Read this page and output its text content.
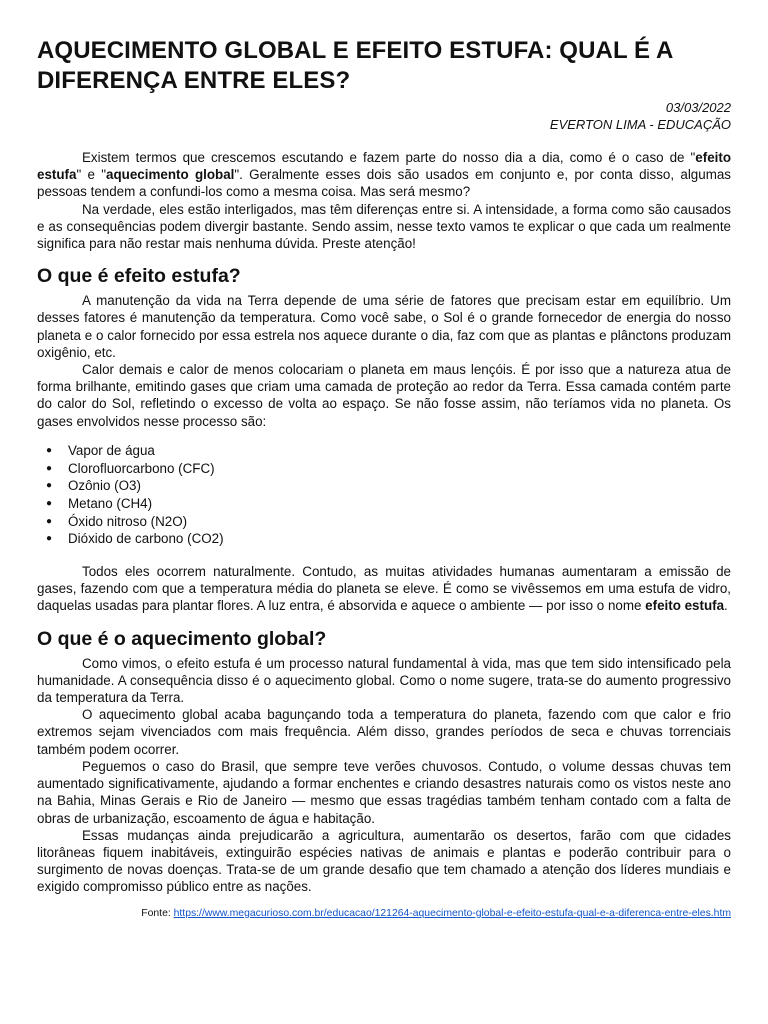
AQUECIMENTO GLOBAL E EFEITO ESTUFA: QUAL É A DIFERENÇA ENTRE ELES?
03/03/2022
EVERTON LIMA - EDUCAÇÃO

Existem termos que crescemos escutando e fazem parte do nosso dia a dia, como é o caso de "efeito estufa" e "aquecimento global". Geralmente esses dois são usados em conjunto e, por conta disso, algumas pessoas tendem a confundi-los como a mesma coisa. Mas será mesmo?

Na verdade, eles estão interligados, mas têm diferenças entre si. A intensidade, a forma como são causados e as consequências podem divergir bastante. Sendo assim, nesse texto vamos te explicar o que cada um realmente significa para não restar mais nenhuma dúvida. Preste atenção!

O que é efeito estufa?

A manutenção da vida na Terra depende de uma série de fatores que precisam estar em equilíbrio. Um desses fatores é manutenção da temperatura. Como você sabe, o Sol é o grande fornecedor de energia do nosso planeta e o calor fornecido por essa estrela nos aquece durante o dia, faz com que as plantas e plânctons produzam oxigênio, etc.

Calor demais e calor de menos colocariam o planeta em maus lençóis. É por isso que a natureza atua de forma brilhante, emitindo gases que criam uma camada de proteção ao redor da Terra. Essa camada contém parte do calor do Sol, refletindo o excesso de volta ao espaço. Se não fosse assim, não teríamos vida no planeta. Os gases envolvidos nesse processo são:

● Vapor de água
● Clorofluorcarbono (CFC)
● Ozônio (O3)
● Metano (CH4)
● Óxido nitroso (N2O)
● Dióxido de carbono (CO2)

Todos eles ocorrem naturalmente. Contudo, as muitas atividades humanas aumentaram a emissão de gases, fazendo com que a temperatura média do planeta se eleve. É como se vivêssemos em uma estufa de vidro, daquelas usadas para plantar flores. A luz entra, é absorvida e aquece o ambiente — por isso o nome efeito estufa.

O que é o aquecimento global?

Como vimos, o efeito estufa é um processo natural fundamental à vida, mas que tem sido intensificado pela humanidade. A consequência disso é o aquecimento global. Como o nome sugere, trata-se do aumento progressivo da temperatura da Terra.

O aquecimento global acaba bagunçando toda a temperatura do planeta, fazendo com que calor e frio extremos sejam vivenciados com mais frequência. Além disso, grandes períodos de seca e chuvas torrenciais também podem ocorrer.

Peguemos o caso do Brasil, que sempre teve verões chuvosos. Contudo, o volume dessas chuvas tem aumentado significativamente, ajudando a formar enchentes e criando desastres naturais como os vistos neste ano na Bahia, Minas Gerais e Rio de Janeiro — mesmo que essas tragédias também tenham contado com a falta de obras de urbanização, escoamento de água e habitação.

Essas mudanças ainda prejudicarão a agricultura, aumentarão os desertos, farão com que cidades litorâneas fiquem inabitáveis, extinguirão espécies nativas de animais e plantas e poderão contribuir para o surgimento de novas doenças. Trata-se de um grande desafio que tem chamado a atenção dos líderes mundiais e exigido compromisso público entre as nações.

Fonte: https://www.megacurioso.com.br/educacao/121264-aquecimento-global-e-efeito-estufa-qual-e-a-diferenca-entre-eles.htm
